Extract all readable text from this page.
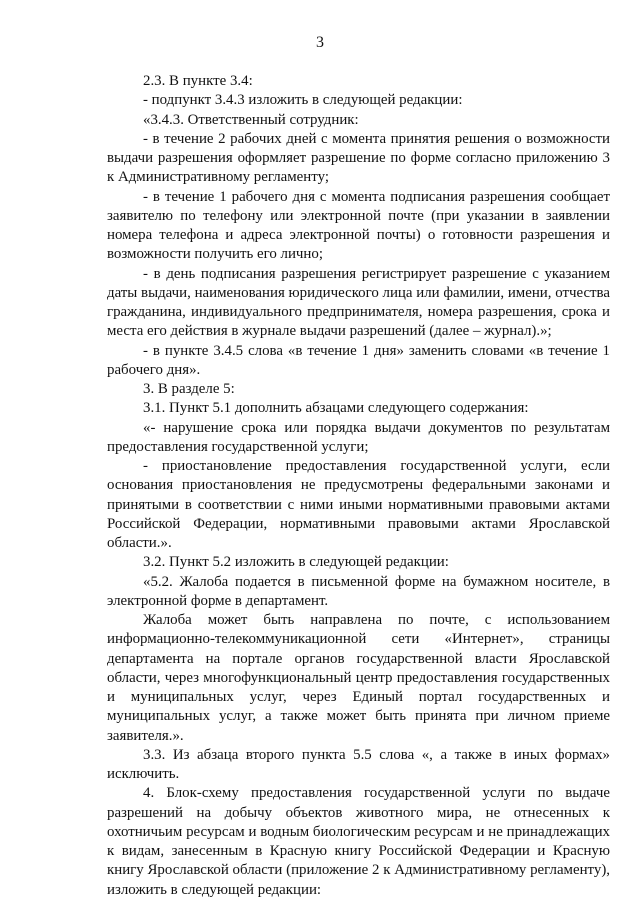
3

2.3. В пункте 3.4:

- подпункт 3.4.3 изложить в следующей редакции:

«3.4.3. Ответственный сотрудник:

- в течение 2 рабочих дней с момента принятия решения о возможности выдачи разрешения оформляет разрешение по форме согласно приложению 3 к Административному регламенту;

- в течение 1 рабочего дня с момента подписания разрешения сообщает заявителю по телефону или электронной почте (при указании в заявлении номера телефона и адреса электронной почты) о готовности разрешения и возможности получить его лично;

- в день подписания разрешения регистрирует разрешение с указанием даты выдачи, наименования юридического лица или фамилии, имени, отчества гражданина, индивидуального предпринимателя, номера разрешения, срока и места его действия в журнале выдачи разрешений (далее – журнал).»;

- в пункте 3.4.5 слова «в течение 1 дня» заменить словами «в течение 1 рабочего дня».

3. В разделе 5:

3.1. Пункт 5.1 дополнить абзацами следующего содержания:

«- нарушение срока или порядка выдачи документов по результатам предоставления государственной услуги;

- приостановление предоставления государственной услуги, если основания приостановления не предусмотрены федеральными законами и принятыми в соответствии с ними иными нормативными правовыми актами Российской Федерации, нормативными правовыми актами Ярославской области.».

3.2. Пункт 5.2 изложить в следующей редакции:

«5.2. Жалоба подается в письменной форме на бумажном носителе, в электронной форме в департамент.

Жалоба может быть направлена по почте, с использованием информационно-телекоммуникационной сети «Интернет», страницы департамента на портале органов государственной власти Ярославской области, через многофункциональный центр предоставления государственных и муниципальных услуг, через Единый портал государственных и муниципальных услуг, а также может быть принята при личном приеме заявителя.».

3.3. Из абзаца второго пункта 5.5 слова «, а также в иных формах» исключить.

4. Блок-схему предоставления государственной услуги по выдаче разрешений на добычу объектов животного мира, не отнесенных к охотничьим ресурсам и водным биологическим ресурсам и не принадлежащих к видам, занесенным в Красную книгу Российской Федерации и Красную книгу Ярославской области (приложение 2 к Административному регламенту), изложить в следующей редакции:
